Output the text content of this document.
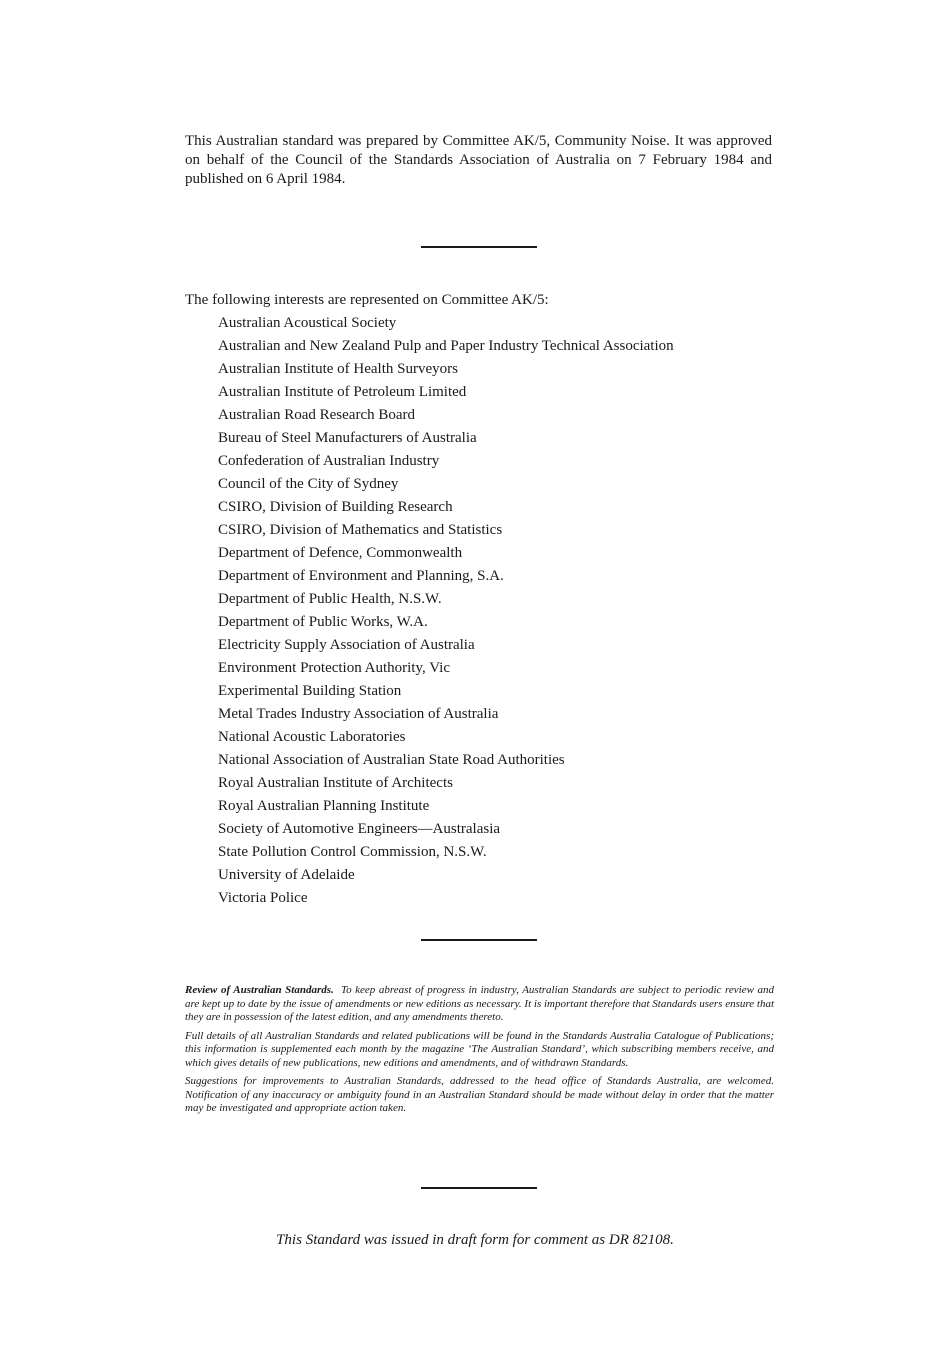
This Australian standard was prepared by Committee AK/5, Community Noise. It was approved on behalf of the Council of the Standards Association of Australia on 7 February 1984 and published on 6 April 1984.

The following interests are represented on Committee AK/5:

Australian Acoustical Society
Australian and New Zealand Pulp and Paper Industry Technical Association
Australian Institute of Health Surveyors
Australian Institute of Petroleum Limited
Australian Road Research Board
Bureau of Steel Manufacturers of Australia
Confederation of Australian Industry
Council of the City of Sydney
CSIRO, Division of Building Research
CSIRO, Division of Mathematics and Statistics
Department of Defence, Commonwealth
Department of Environment and Planning, S.A.
Department of Public Health, N.S.W.
Department of Public Works, W.A.
Electricity Supply Association of Australia
Environment Protection Authority, Vic
Experimental Building Station
Metal Trades Industry Association of Australia
National Acoustic Laboratories
National Association of Australian State Road Authorities
Royal Australian Institute of Architects
Royal Australian Planning Institute
Society of Automotive Engineers—Australasia
State Pollution Control Commission, N.S.W.
University of Adelaide
Victoria Police

Review of Australian Standards. To keep abreast of progress in industry, Australian Standards are subject to periodic review and are kept up to date by the issue of amendments or new editions as necessary. It is important therefore that Standards users ensure that they are in possession of the latest edition, and any amendments thereto.

Full details of all Australian Standards and related publications will be found in the Standards Australia Catalogue of Publications; this information is supplemented each month by the magazine ‘The Australian Standard’, which subscribing members receive, and which gives details of new publications, new editions and amendments, and of withdrawn Standards.

Suggestions for improvements to Australian Standards, addressed to the head office of Standards Australia, are welcomed. Notification of any inaccuracy or ambiguity found in an Australian Standard should be made without delay in order that the matter may be investigated and appropriate action taken.

This Standard was issued in draft form for comment as DR 82108.
